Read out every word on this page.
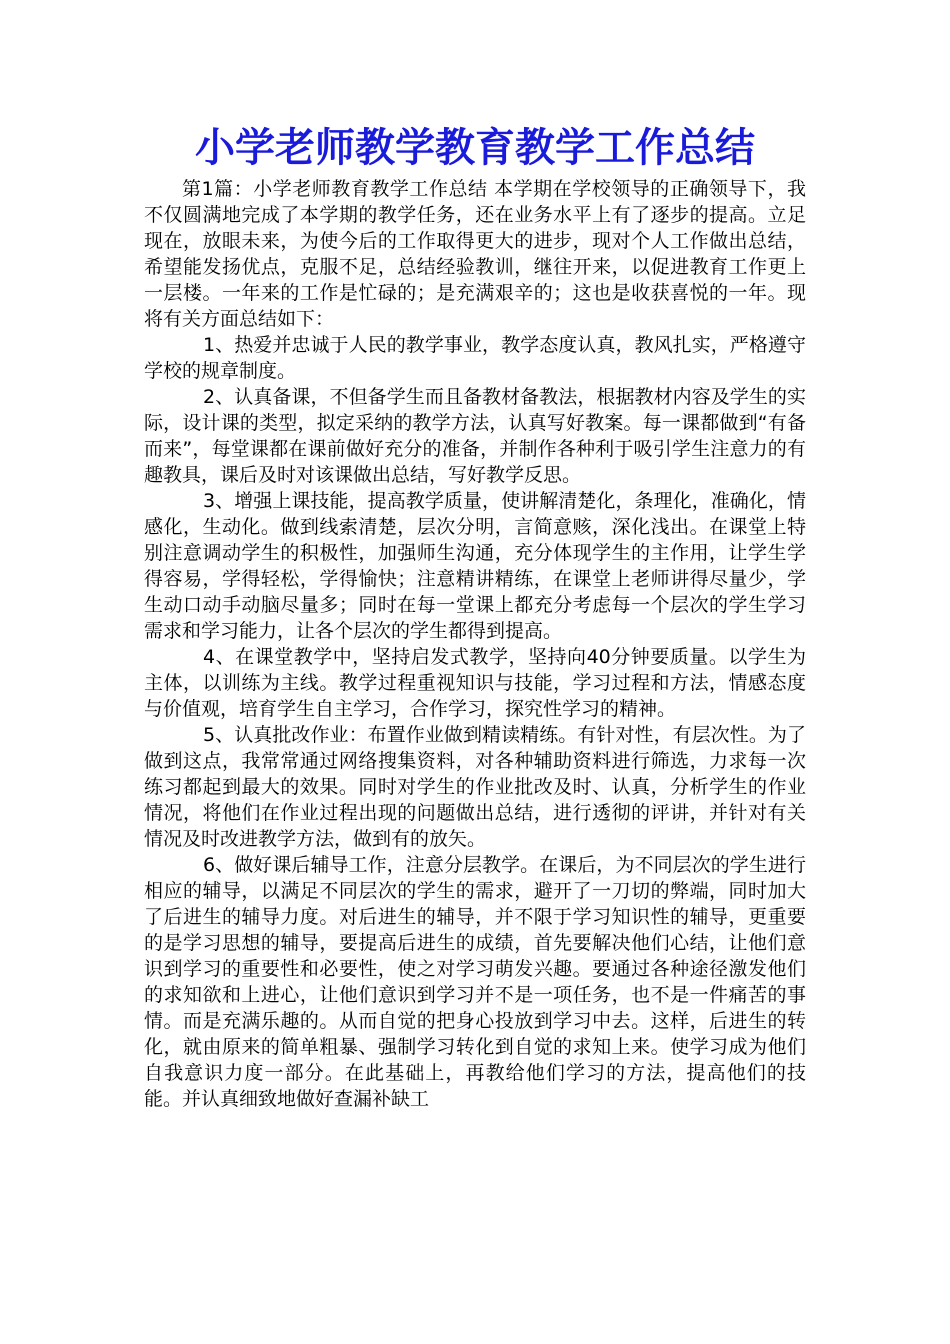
小学老师教学教育教学工作总结

第1篇：小学老师教育教学工作总结 本学期在学校领导的正确领导下，我不仅圆满地完成了本学期的教学任务，还在业务水平上有了逐步的提高。立足现在，放眼未来，为使今后的工作取得更大的进步，现对个人工作做出总结，希望能发扬优点，克服不足，总结经验教训，继往开来，以促进教育工作更上一层楼。一年来的工作是忙碌的；是充满艰辛的；这也是收获喜悦的一年。现将有关方面总结如下：

1、热爱并忠诚于人民的教学事业，教学态度认真，教风扎实，严格遵守学校的规章制度。

2、认真备课，不但备学生而且备教材备教法，根据教材内容及学生的实际，设计课的类型，拟定采纳的教学方法，认真写好教案。每一课都做到“有备而来”，每堂课都在课前做好充分的准备，并制作各种利于吸引学生注意力的有趣教具，课后及时对该课做出总结，写好教学反思。

3、增强上课技能，提高教学质量，使讲解清楚化，条理化，准确化，情感化，生动化。做到线索清楚，层次分明，言简意赅，深化浅出。在课堂上特别注意调动学生的积极性，加强师生沟通，充分体现学生的主作用，让学生学得容易，学得轻松，学得愉快；注意精讲精练，在课堂上老师讲得尽量少，学生动口动手动脑尽量多；同时在每一堂课上都充分考虑每一个层次的学生学习需求和学习能力，让各个层次的学生都得到提高。

4、在课堂教学中，坚持启发式教学，坚持向40分钟要质量。以学生为主体，以训练为主线。教学过程重视知识与技能，学习过程和方法，情感态度与价值观，培育学生自主学习，合作学习，探究性学习的精神。

5、认真批改作业：布置作业做到精读精练。有针对性，有层次性。为了做到这点，我常常通过网络搜集资料，对各种辅助资料进行筛选，力求每一次练习都起到最大的效果。同时对学生的作业批改及时、认真，分析学生的作业情况，将他们在作业过程出现的问题做出总结，进行透彻的评讲，并针对有关情况及时改进教学方法，做到有的放矢。

6、做好课后辅导工作，注意分层教学。在课后，为不同层次的学生进行相应的辅导，以满足不同层次的学生的需求，避开了一刀切的弊端，同时加大了后进生的辅导力度。对后进生的辅导，并不限于学习知识性的辅导，更重要的是学习思想的辅导，要提高后进生的成绩，首先要解决他们心结，让他们意识到学习的重要性和必要性，使之对学习萌发兴趣。要通过各种途径激发他们的求知欲和上进心，让他们意识到学习并不是一项任务，也不是一件痛苦的事情。而是充满乐趣的。从而自觉的把身心投放到学习中去。这样，后进生的转化，就由原来的简单粗暴、强制学习转化到自觉的求知上来。使学习成为他们自我意识力度一部分。在此基础上，再教给他们学习的方法，提高他们的技能。并认真细致地做好查漏补缺工
